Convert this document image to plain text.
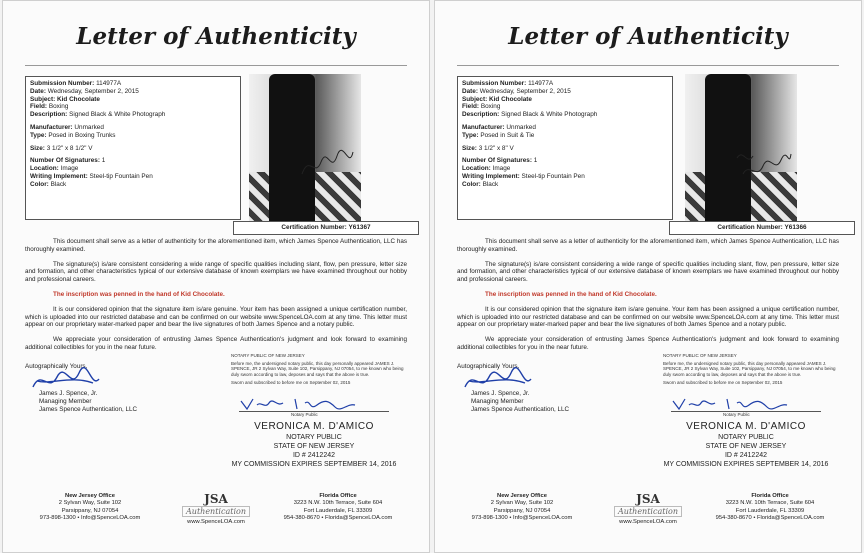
Letter of Authenticity
Submission Number: 114977A
Date: Wednesday, September 2, 2015
Subject: Kid Chocolate
Field: Boxing
Description: Signed Black & White Photograph
Manufacturer: Unmarked
Type: Posed in Boxing Trunks
Size: 3 1/2" x 8 1/2" V
Number Of Signatures: 1
Location: Image
Writing Implement: Steel-tip Fountain Pen
Color: Black
Certification Number: Y61367

This document shall serve as a letter of authenticity for the aforementioned item, which James Spence Authentication, LLC has thoroughly examined.

The signature(s) is/are consistent considering a wide range of specific qualities including slant, flow, pen pressure, letter size and formation, and other characteristics typical of our extensive database of known exemplars we have examined throughout our hobby and professional careers.

The inscription was penned in the hand of Kid Chocolate.

It is our considered opinion that the signature item is/are genuine. Your item has been assigned a unique certification number, which is uploaded into our restricted database and can be confirmed on our website www.SpenceLOA.com at any time. This letter must appear on our proprietary water-marked paper and bear the live signatures of both James Spence and a notary public.

We appreciate your consideration of entrusting James Spence Authentication's judgment and look forward to examining additional collectibles for you in the near future.

Autographically Yours,
James J. Spence, Jr.
Managing Member
James Spence Authentication, LLC
NOTARY PUBLIC OF NEW JERSEY
Before me, the undersigned notary public, this day personally appeared JAMES J. SPENCE, JR 2 Sylvan Way, Suite 102, Parsippany, NJ 07054, to me known who being duly sworn according to law, deposes and says that the above is true.
Sworn and subscribed to before me on September 02, 2015
Notary Public
VERONICA M. D'AMICO
NOTARY PUBLIC
STATE OF NEW JERSEY
ID # 2412242
MY COMMISSION EXPIRES SEPTEMBER 14, 2016
New Jersey Office
2 Sylvan Way, Suite 102
Parsippany, NJ 07054
973-898-1300 • Info@SpenceLOA.com
JSA
Authentication
www.SpenceLOA.com
Florida Office
3223 N.W. 10th Terrace, Suite 604
Fort Lauderdale, FL 33309
954-380-8670 • Florida@SpenceLOA.com
Letter of Authenticity
Submission Number: 114977A
Date: Wednesday, September 2, 2015
Subject: Kid Chocolate
Field: Boxing
Description: Signed Black & White Photograph
Manufacturer: Unmarked
Type: Posed in Suit & Tie
Size: 3 1/2" x 8" V
Number Of Signatures: 1
Location: Image
Writing Implement: Steel-tip Fountain Pen
Color: Black
Certification Number: Y61366

This document shall serve as a letter of authenticity for the aforementioned item, which James Spence Authentication, LLC has thoroughly examined.

The signature(s) is/are consistent considering a wide range of specific qualities including slant, flow, pen pressure, letter size and formation, and other characteristics typical of our extensive database of known exemplars we have examined throughout our hobby and professional careers.

The inscription was penned in the hand of Kid Chocolate.

It is our considered opinion that the signature item is/are genuine. Your item has been assigned a unique certification number, which is uploaded into our restricted database and can be confirmed on our website www.SpenceLOA.com at any time. This letter must appear on our proprietary water-marked paper and bear the live signatures of both James Spence and a notary public.

We appreciate your consideration of entrusting James Spence Authentication's judgment and look forward to examining additional collectibles for you in the near future.

Autographically Yours,
James J. Spence, Jr.
Managing Member
James Spence Authentication, LLC
NOTARY PUBLIC OF NEW JERSEY
Before me, the undersigned notary public, this day personally appeared JAMES J. SPENCE, JR 2 Sylvan Way, Suite 102, Parsippany, NJ 07054, to me known who being duly sworn according to law, deposes and says that the above is true.
Sworn and subscribed to before me on September 02, 2015
Notary Public
VERONICA M. D'AMICO
NOTARY PUBLIC
STATE OF NEW JERSEY
ID # 2412242
MY COMMISSION EXPIRES SEPTEMBER 14, 2016
New Jersey Office
2 Sylvan Way, Suite 102
Parsippany, NJ 07054
973-898-1300 • Info@SpenceLOA.com
JSA
Authentication
www.SpenceLOA.com
Florida Office
3223 N.W. 10th Terrace, Suite 604
Fort Lauderdale, FL 33309
954-380-8670 • Florida@SpenceLOA.com
